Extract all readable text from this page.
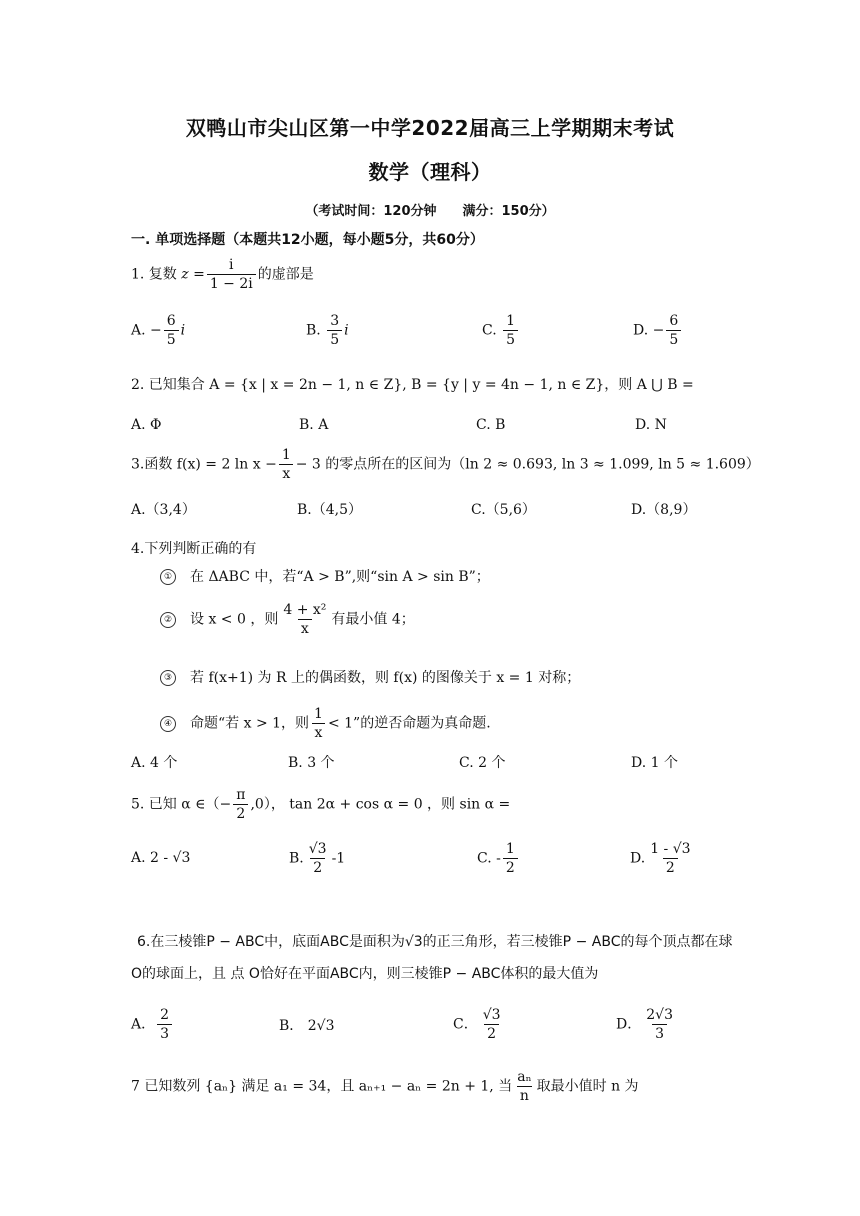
双鸭山市尖山区第一中学2022届高三上学期期末考试
数学（理科）
（考试时间：120分钟　　满分：150分）
一. 单项选择题（本题共12小题，每小题5分，共60分）
1. 复数 $z = \frac{i}{1 - 2i}$ 的虚部是
A. − $\frac{6}{5}$ i	B. $\frac{3}{5}$ i	C. $\frac{1}{5}$	D. − $\frac{6}{5}$
2. 已知集合 A = {x | x = 2n − 1, n ∈ Z}, B = {y | y = 4n − 1, n ∈ Z}，则 A ⋃ B =
A. Φ	B. A	C. B	D. N
3.函数 f(x) = 2 $\ln x - \frac{1}{x} - 3$ 的零点所在的区间为（ln 2 ≈ 0.693, ln 3 ≈ 1.099, ln 5 ≈ 1.609）
A.（3,4）	B.（4,5）	C.（5,6）	D.（8,9）
4.下列判断正确的有
① 在 ΔABC 中，若“A > B”,则“sin A > sin B”；
② 设 x < 0 ，则 $\frac{\text{4 + x²}}{x}$ 有最小值 4；
③ 若 f(x+1) 为 R 上的偶函数，则 f(x) 的图像关于 x = 1 对称；
④ 命题“若 x > 1，则 $\frac{1}{x} < 1$”的逆否命题为真命题.
A. 4 个	B. 3 个	C. 2 个	D. 1 个
5. 已知 α ∈（− $\frac{\pi}{2} ,0$）， tan 2α + cos α = 0 ，则 sin α =
A. 2 - √3	B. $\frac{√3}{2} -1$	C. - $\frac{1}{2}$	D. $\frac{1 - √3}{2}$
6.在三棱锥P − ABC中，底面ABC是面积为√3的正三角形，若三棱锥P − ABC的每个顶点都在球
O的球面上，且 点 O恰好在平面ABC内，则三棱锥P − ABC体积的最大值为
A． $\frac{2}{3}$	B． 2√3	C． $\frac{√3}{2}$	D． $\frac{2√3}{3}$
7 已知数列 {aₙ} 满足 a₁ = 34，且 aₙ₊₁ − aₙ = 2n + 1, 当 $\frac{\text{aₙ}}{n}$ 取最小值时 n 为
